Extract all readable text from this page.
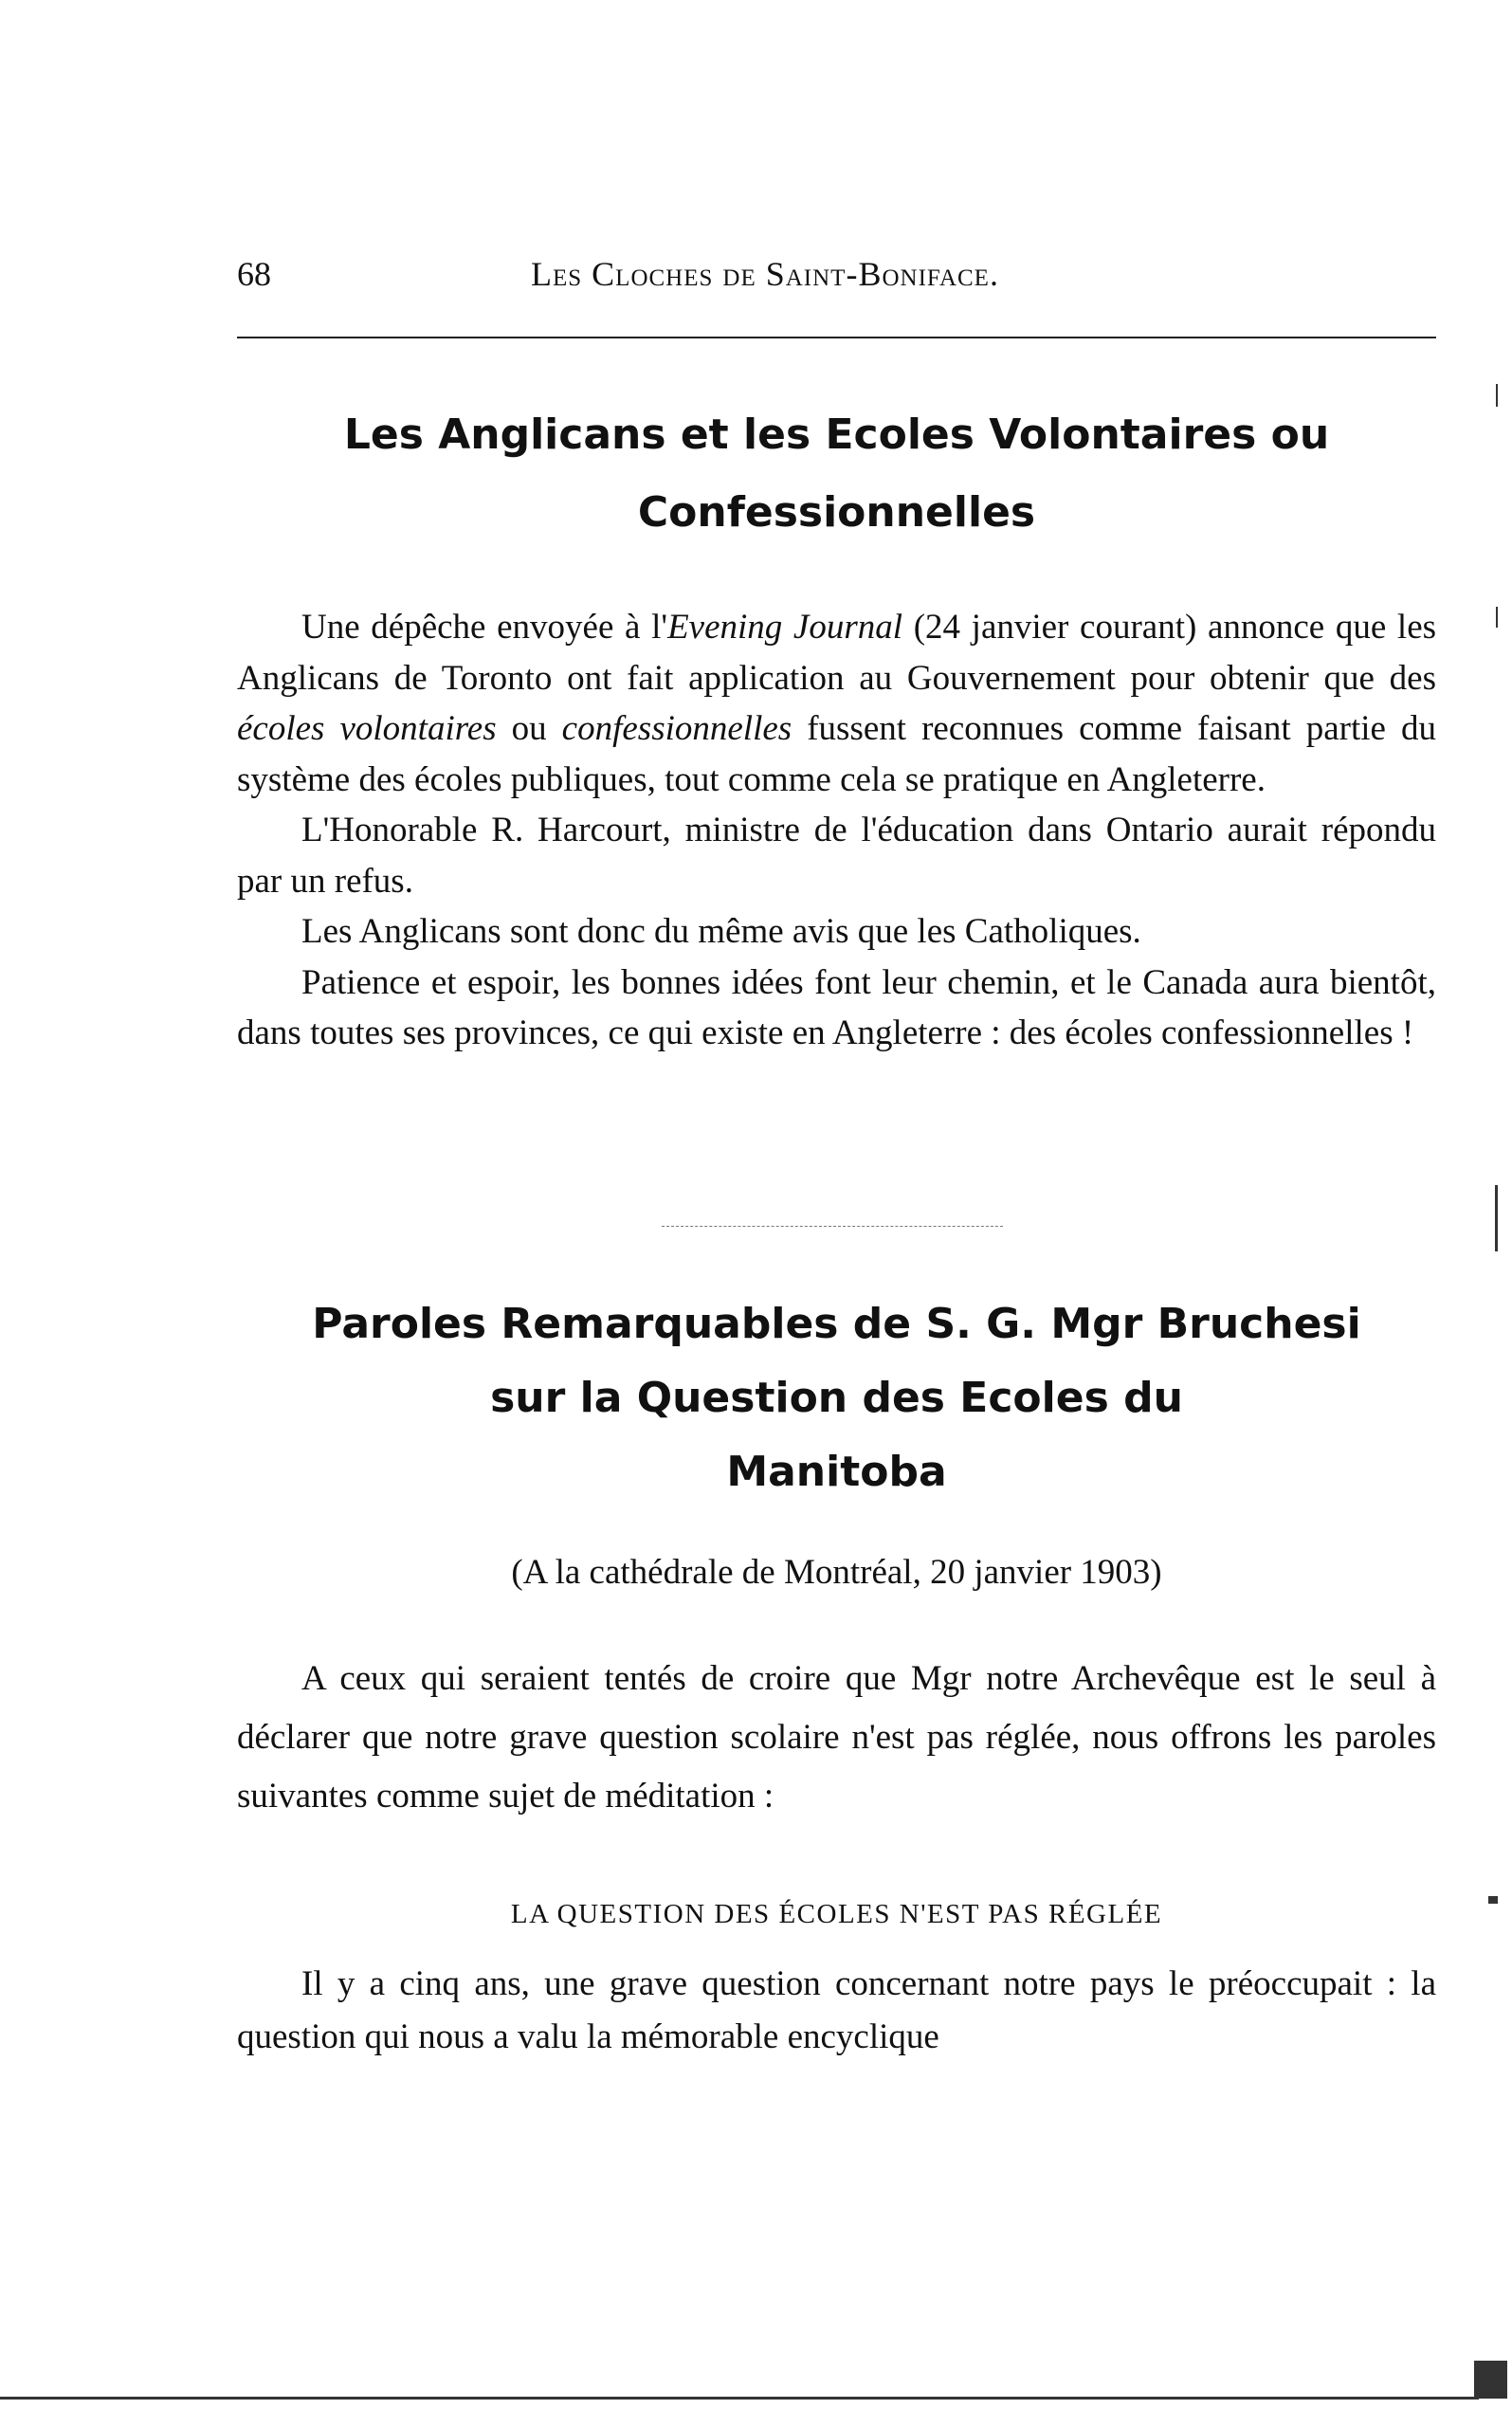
68	Les Cloches de Saint-Boniface.
Les Anglicans et les Ecoles Volontaires ou Confessionnelles

Une dépêche envoyée à l'Evening Journal (24 janvier courant) annonce que les Anglicans de Toronto ont fait application au Gouvernement pour obtenir que des écoles volontaires ou confessionnelles fussent reconnues comme faisant partie du système des écoles publiques, tout comme cela se pratique en Angleterre.

L'Honorable R. Harcourt, ministre de l'éducation dans Ontario aurait répondu par un refus.

Les Anglicans sont donc du même avis que les Catholiques.

Patience et espoir, les bonnes idées font leur chemin, et le Canada aura bientôt, dans toutes ses provinces, ce qui existe en Angleterre : des écoles confessionnelles !

Paroles Remarquables de S. G. Mgr Bruchesi
sur la Question des Ecoles du
Manitoba
(A la cathédrale de Montréal, 20 janvier 1903)

A ceux qui seraient tentés de croire que Mgr notre Archevêque est le seul à déclarer que notre grave question scolaire n'est pas réglée, nous offrons les paroles suivantes comme sujet de méditation :

LA QUESTION DES ÉCOLES N'EST PAS RÉGLÉE

Il y a cinq ans, une grave question concernant notre pays le préoccupait : la question qui nous a valu la mémorable encyclique
